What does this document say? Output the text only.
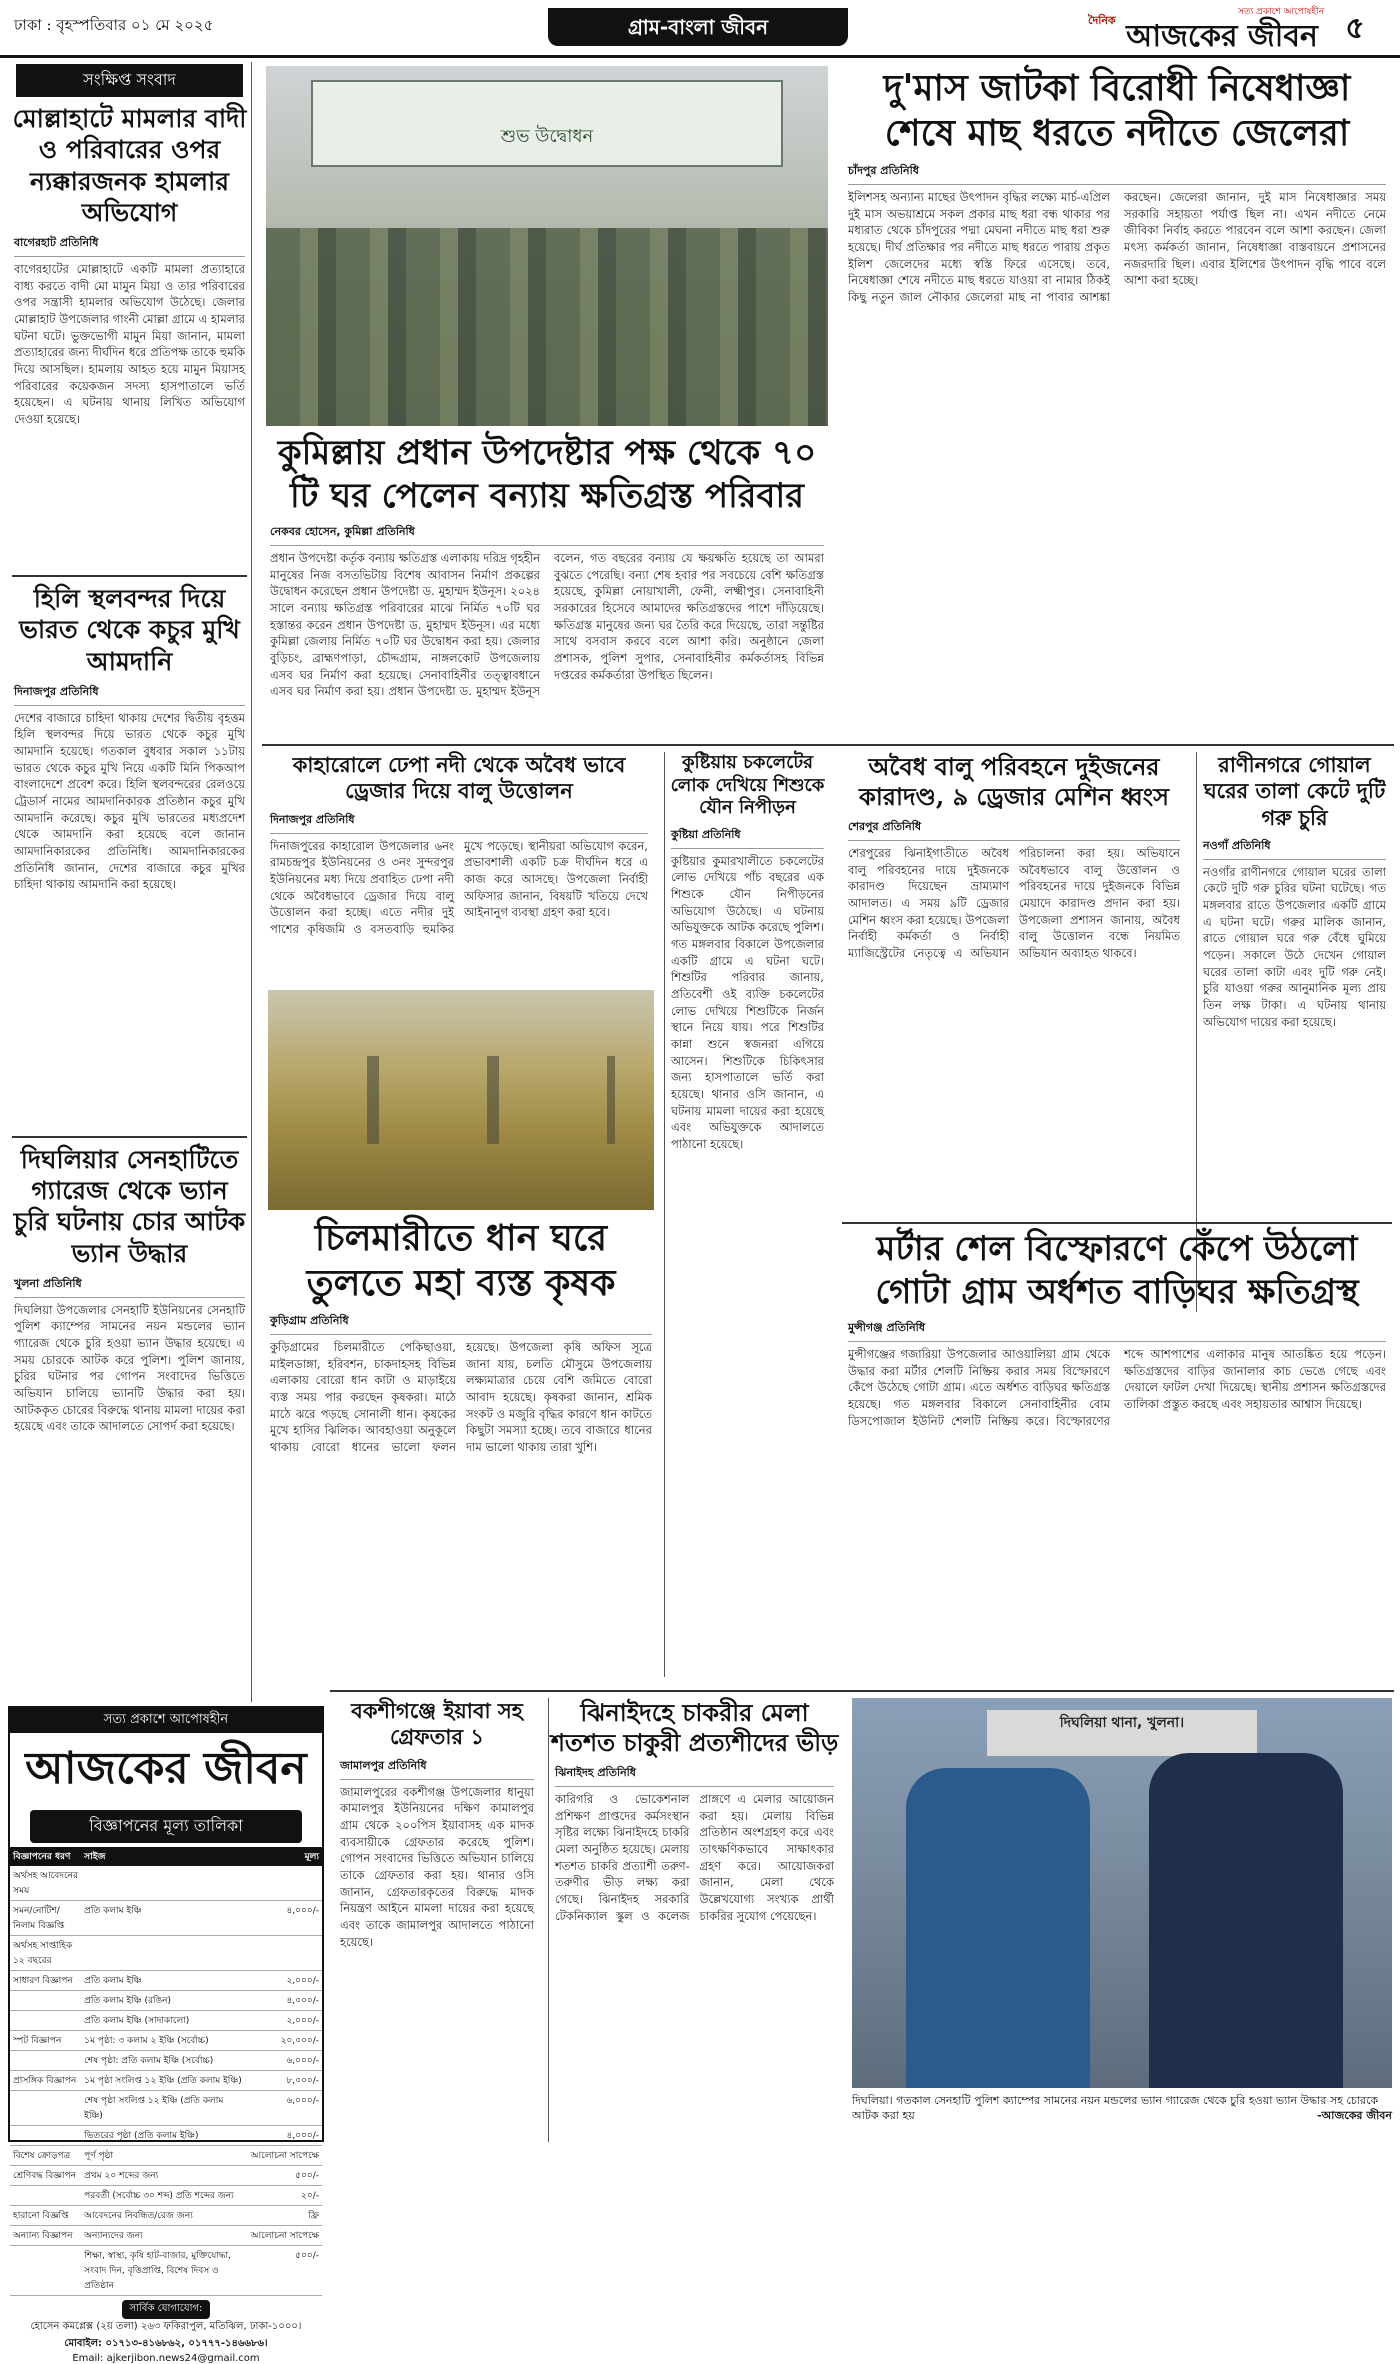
ঢাকা : বৃহস্পতিবার ০১ মে ২০২৫	গ্রাম-বাংলা জীবন
সত্য প্রকাশে আপোষহীন
$^{দৈনিক}$ আজকের জীবন ৫
সংক্ষিপ্ত সংবাদ
মোল্লাহাটে মামলার বাদী ও পরিবারের ওপর ন্যক্কারজনক হামলার অভিযোগ
বাগেরহাট প্রতিনিধি
বাগেরহাটের মোল্লাহাটে একটি মামলা প্রত্যাহারে বাধ্য করতে বাদী মো মামুন মিয়া ও তার পরিবারের ওপর সন্ত্রাসী হামলার অভিযোগ উঠেছে। জেলার মোল্লাহাট উপজেলার গাংনী মোল্লা গ্রামে এ হামলার ঘটনা ঘটে। ভুক্তভোগী মামুন মিয়া জানান, মামলা প্রত্যাহারের জন্য দীর্ঘদিন ধরে প্রতিপক্ষ তাকে হুমকি দিয়ে আসছিল। হামলায় আহত হয়ে মামুন মিয়াসহ পরিবারের কয়েকজন সদস্য হাসপাতালে ভর্তি হয়েছেন। এ ঘটনায় থানায় লিখিত অভিযোগ দেওয়া হয়েছে।
হিলি স্থলবন্দর দিয়ে ভারত থেকে কচুর মুখি আমদানি
দিনাজপুর প্রতিনিধি
দেশের বাজারে চাহিদা থাকায় দেশের দ্বিতীয় বৃহত্তম হিলি স্থলবন্দর দিয়ে ভারত থেকে কচুর মুখি আমদানি হয়েছে। গতকাল বুধবার সকাল ১১টায় ভারত থেকে কচুর মুখি নিয়ে একটি মিনি পিকআপ বাংলাদেশে প্রবেশ করে। হিলি স্থলবন্দরের রেলওয়ে ট্রেডার্স নামের আমদানিকারক প্রতিষ্ঠান কচুর মুখি আমদানি করেছে। কচুর মুখি ভারতের মধ্যপ্রদেশ থেকে আমদানি করা হয়েছে বলে জানান আমদানিকারকের প্রতিনিধি। আমদানিকারকের প্রতিনিধি জানান, দেশের বাজারে কচুর মুখির চাহিদা থাকায় আমদানি করা হয়েছে।
দিঘলিয়ার সেনহাটিতে গ্যারেজ থেকে ভ্যান চুরি ঘটনায় চোর আটক ভ্যান উদ্ধার
খুলনা প্রতিনিধি
দিঘলিয়া উপজেলার সেনহাটি ইউনিয়নের সেনহাটি পুলিশ ক্যাম্পের সামনের নয়ন মন্ডলের ভ্যান গ্যারেজ থেকে চুরি হওয়া ভ্যান উদ্ধার হয়েছে। এ সময় চোরকে আটক করে পুলিশ। পুলিশ জানায়, চুরির ঘটনার পর গোপন সংবাদের ভিত্তিতে অভিযান চালিয়ে ভ্যানটি উদ্ধার করা হয়। আটককৃত চোরের বিরুদ্ধে থানায় মামলা দায়ের করা হয়েছে এবং তাকে আদালতে সোপর্দ করা হয়েছে।
সত্য প্রকাশে আপোষহীন
আজকের জীবন
বিজ্ঞাপনের মূল্য তালিকা
বিজ্ঞাপনের ধরণ	সাইজ	মূল্য
অর্থসহ আবেদনের সময়		
সমন/নোটিশ/নিলাম বিজ্ঞপ্তি	প্রতি কলাম ইঞ্চি	৪,০০০/-
অর্থসহ সাপ্তাহিক ১২ বছরের		
সাধারণ বিজ্ঞাপন	প্রতি কলাম ইঞ্চি	২,০০০/-
	প্রতি কলাম ইঞ্চি (রঙিন)	৪,০০০/-
	প্রতি কলাম ইঞ্চি (সাদাকালো)	২,০০০/-
স্পট বিজ্ঞাপন	১ম পৃষ্ঠা: ৩ কলাম ২ ইঞ্চি (সর্বোচ্চ)	২০,০০০/-
	শেষ পৃষ্ঠা: প্রতি কলাম ইঞ্চি (সর্বোচ্চ)	৬,০০০/-
প্রাসঙ্গিক বিজ্ঞাপন	১ম পৃষ্ঠা সংলিপ্ত ১২ ইঞ্চি (প্রতি কলাম ইঞ্চি)	৮,০০০/-
	শেষ পৃষ্ঠা সংলিপ্ত ১২ ইঞ্চি (প্রতি কলাম ইঞ্চি)	৬,০০০/-
	ভিতরের পৃষ্ঠা (প্রতি কলাম ইঞ্চি)	৪,০০০/-
বিশেষ ক্রোড়পত্র	পূর্ণ পৃষ্ঠা	আলোচনা সাপেক্ষে
শ্রেণিবদ্ধ বিজ্ঞাপন	প্রথম ২০ শব্দের জন্য	৫০০/-
	পরবর্তী (সর্বোচ্চ ৩০ শব্দ) প্রতি শব্দের জন্য	২০/-
হারানো বিজ্ঞপ্তি	আবেদনের নিবন্ধিত/রেজ জন্য	ফ্রি
অন্যান্য বিজ্ঞাপন	অন্যান্যদের জন্য	আলোচনা সাপেক্ষে
	শিক্ষা, স্বাস্থ্য, কৃষি হাট-বাজার, মুক্তিযোদ্ধা, সংবাদ দিন, বৃত্তিপ্রাপ্তি, বিশেষ দিবস ও প্রতিষ্ঠান	৫০০/-
সার্বিক যোগাযোগ:
হোসেন কমপ্লেক্স (২য় তলা) ২৬৩ ফকিরাপুল, মতিঝিল, ঢাকা-১০০০।
মোবাইল: ০১৭১৩-৪১৬৮৬২, ০১৭৭৭-১৪৬৬৮৬।
Email: ajkerjibon.news24@gmail.com
শুভ উদ্বোধন
কুমিল্লায় প্রধান উপদেষ্টার পক্ষ থেকে ৭০ টি ঘর পেলেন বন্যায় ক্ষতিগ্রস্ত পরিবার
নেকবর হোসেন, কুমিল্লা প্রতিনিধি
প্রধান উপদেষ্টা কর্তৃক বন্যায় ক্ষতিগ্রস্ত এলাকায় দরিদ্র গৃহহীন মানুষের নিজ বসতভিটায় বিশেষ আবাসন নির্মাণ প্রকল্পের উদ্বোধন করেছেন প্রধান উপদেষ্টা ড. মুহাম্মদ ইউনূস। ২০২৪ সালে বন্যায় ক্ষতিগ্রস্ত পরিবারের মাঝে নির্মিত ৭০টি ঘর হস্তান্তর করেন প্রধান উপদেষ্টা ড. মুহাম্মদ ইউনূস। এর মধ্যে কুমিল্লা জেলায় নির্মিত ৭০টি ঘর উদ্বোধন করা হয়। জেলার বুড়িচং, ব্রাহ্মণপাড়া, চৌদ্দগ্রাম, নাঙ্গলকোট উপজেলায় এসব ঘর নির্মাণ করা হয়েছে। সেনাবাহিনীর তত্ত্বাবধানে এসব ঘর নির্মাণ করা হয়। প্রধান উপদেষ্টা ড. মুহাম্মদ ইউনূস বলেন, গত বছরের বন্যায় যে ক্ষয়ক্ষতি হয়েছে তা আমরা বুঝতে পেরেছি। বন্যা শেষ হবার পর সবচেয়ে বেশি ক্ষতিগ্রস্ত হয়েছে, কুমিল্লা নোয়াখালী, ফেনী, লক্ষ্মীপুর। সেনাবাহিনী সরকারের হিসেবে আমাদের ক্ষতিগ্রস্তদের পাশে দাঁড়িয়েছে। ক্ষতিগ্রস্ত মানুষের জন্য ঘর তৈরি করে দিয়েছে, তারা সন্তুষ্টির সাথে বসবাস করবে বলে আশা করি। অনুষ্ঠানে জেলা প্রশাসক, পুলিশ সুপার, সেনাবাহিনীর কর্মকর্তাসহ বিভিন্ন দপ্তরের কর্মকর্তারা উপস্থিত ছিলেন।
দু'মাস জাটকা বিরোধী নিষেধাজ্ঞা শেষে মাছ ধরতে নদীতে জেলেরা
চাঁদপুর প্রতিনিধি
ইলিশসহ অন্যান্য মাছের উৎপাদন বৃদ্ধির লক্ষ্যে মার্চ-এপ্রিল দুই মাস অভয়াশ্রমে সকল প্রকার মাছ ধরা বন্ধ থাকার পর মধ্যরাত থেকে চাঁদপুরের পদ্মা মেঘনা নদীতে মাছ ধরা শুরু হয়েছে। দীর্ঘ প্রতিক্ষার পর নদীতে মাছ ধরতে পারায় প্রকৃত ইলিশ জেলেদের মধ্যে স্বস্তি ফিরে এসেছে। তবে, নিষেধাজ্ঞা শেষে নদীতে মাছ ধরতে যাওয়া বা নামার ঠিকই কিছু নতুন জাল নৌকার জেলেরা মাছ না পাবার আশঙ্কা করছেন। জেলেরা জানান, দুই মাস নিষেধাজ্ঞার সময় সরকারি সহায়তা পর্যাপ্ত ছিল না। এখন নদীতে নেমে জীবিকা নির্বাহ করতে পারবেন বলে আশা করছেন। জেলা মৎস্য কর্মকর্তা জানান, নিষেধাজ্ঞা বাস্তবায়নে প্রশাসনের নজরদারি ছিল। এবার ইলিশের উৎপাদন বৃদ্ধি পাবে বলে আশা করা হচ্ছে।
কাহারোলে ঢেপা নদী থেকে অবৈধ ভাবে ড্রেজার দিয়ে বালু উত্তোলন
দিনাজপুর প্রতিনিধি
দিনাজপুরের কাহারোল উপজেলার ৬নং রামচন্দ্রপুর ইউনিয়নের ও ৩নং সুন্দরপুর ইউনিয়নের মধ্য দিয়ে প্রবাহিত ঢেপা নদী থেকে অবৈধভাবে ড্রেজার দিয়ে বালু উত্তোলন করা হচ্ছে। এতে নদীর দুই পাশের কৃষিজমি ও বসতবাড়ি হুমকির মুখে পড়েছে। স্থানীয়রা অভিযোগ করেন, প্রভাবশালী একটি চক্র দীর্ঘদিন ধরে এ কাজ করে আসছে। উপজেলা নির্বাহী অফিসার জানান, বিষয়টি খতিয়ে দেখে আইনানুগ ব্যবস্থা গ্রহণ করা হবে।
কুষ্টিয়ায় চকলেটের লোক দেখিয়ে শিশুকে যৌন নিপীড়ন
কুষ্টিয়া প্রতিনিধি
কুষ্টিয়ার কুমারখালীতে চকলেটের লোভ দেখিয়ে পাঁচ বছরের এক শিশুকে যৌন নিপীড়নের অভিযোগ উঠেছে। এ ঘটনায় অভিযুক্তকে আটক করেছে পুলিশ। গত মঙ্গলবার বিকালে উপজেলার একটি গ্রামে এ ঘটনা ঘটে। শিশুটির পরিবার জানায়, প্রতিবেশী ওই ব্যক্তি চকলেটের লোভ দেখিয়ে শিশুটিকে নির্জন স্থানে নিয়ে যায়। পরে শিশুটির কান্না শুনে স্বজনরা এগিয়ে আসেন। শিশুটিকে চিকিৎসার জন্য হাসপাতালে ভর্তি করা হয়েছে। থানার ওসি জানান, এ ঘটনায় মামলা দায়ের করা হয়েছে এবং অভিযুক্তকে আদালতে পাঠানো হয়েছে।
অবৈধ বালু পরিবহনে দুইজনের কারাদণ্ড, ৯ ড্রেজার মেশিন ধ্বংস
শেরপুর প্রতিনিধি
শেরপুরের ঝিনাইগাতীতে অবৈধ বালু পরিবহনের দায়ে দুইজনকে কারাদণ্ড দিয়েছেন ভ্রাম্যমাণ আদালত। এ সময় ৯টি ড্রেজার মেশিন ধ্বংস করা হয়েছে। উপজেলা নির্বাহী কর্মকর্তা ও নির্বাহী ম্যাজিস্ট্রেটের নেতৃত্বে এ অভিযান পরিচালনা করা হয়। অভিযানে অবৈধভাবে বালু উত্তোলন ও পরিবহনের দায়ে দুইজনকে বিভিন্ন মেয়াদে কারাদণ্ড প্রদান করা হয়। উপজেলা প্রশাসন জানায়, অবৈধ বালু উত্তোলন বন্ধে নিয়মিত অভিযান অব্যাহত থাকবে।
রাণীনগরে গোয়াল ঘরের তালা কেটে দুটি গরু চুরি
নওগাঁ প্রতিনিধি
নওগাঁর রাণীনগরে গোয়াল ঘরের তালা কেটে দুটি গরু চুরির ঘটনা ঘটেছে। গত মঙ্গলবার রাতে উপজেলার একটি গ্রামে এ ঘটনা ঘটে। গরুর মালিক জানান, রাতে গোয়াল ঘরে গরু বেঁধে ঘুমিয়ে পড়েন। সকালে উঠে দেখেন গোয়াল ঘরের তালা কাটা এবং দুটি গরু নেই। চুরি যাওয়া গরুর আনুমানিক মূল্য প্রায় তিন লক্ষ টাকা। এ ঘটনায় থানায় অভিযোগ দায়ের করা হয়েছে।
চিলমারীতে ধান ঘরে তুলতে মহা ব্যস্ত কৃষক
কুড়িগ্রাম প্রতিনিধি
কুড়িগ্রামের চিলমারীতে পেকিছাওয়া, মাইলডাঙ্গা, হরিবশন, চাকদাহসহ বিভিন্ন এলাকায় বোরো ধান কাটা ও মাড়াইয়ে ব্যস্ত সময় পার করছেন কৃষকরা। মাঠে মাঠে ঝরে পড়ছে সোনালী ধান। কৃষকের মুখে হাসির ঝিলিক। আবহাওয়া অনুকূলে থাকায় বোরো ধানের ভালো ফলন হয়েছে। উপজেলা কৃষি অফিস সূত্রে জানা যায়, চলতি মৌসুমে উপজেলায় লক্ষ্যমাত্রার চেয়ে বেশি জমিতে বোরো আবাদ হয়েছে। কৃষকরা জানান, শ্রমিক সংকট ও মজুরি বৃদ্ধির কারণে ধান কাটতে কিছুটা সমস্যা হচ্ছে। তবে বাজারে ধানের দাম ভালো থাকায় তারা খুশি।
মর্টার শেল বিস্ফোরণে কেঁপে উঠলো গোটা গ্রাম অর্ধশত বাড়িঘর ক্ষতিগ্রস্থ
মুন্সীগঞ্জ প্রতিনিধি
মুন্সীগঞ্জের গজারিয়া উপজেলার আওয়ালিয়া গ্রাম থেকে উদ্ধার করা মর্টার শেলটি নিষ্ক্রিয় করার সময় বিস্ফোরণে কেঁপে উঠেছে গোটা গ্রাম। এতে অর্ধশত বাড়িঘর ক্ষতিগ্রস্ত হয়েছে। গত মঙ্গলবার বিকালে সেনাবাহিনীর বোম ডিসপোজাল ইউনিট শেলটি নিষ্ক্রিয় করে। বিস্ফোরণের শব্দে আশপাশের এলাকার মানুষ আতঙ্কিত হয়ে পড়েন। ক্ষতিগ্রস্তদের বাড়ির জানালার কাচ ভেঙে গেছে এবং দেয়ালে ফাটল দেখা দিয়েছে। স্থানীয় প্রশাসন ক্ষতিগ্রস্তদের তালিকা প্রস্তুত করছে এবং সহায়তার আশ্বাস দিয়েছে।
বকশীগঞ্জে ইয়াবা সহ গ্রেফতার ১
জামালপুর প্রতিনিধি
জামালপুরের বকশীগঞ্জ উপজেলার ধানুয়া কামালপুর ইউনিয়নের দক্ষিণ কামালপুর গ্রাম থেকে ২০০পিস ইয়াবাসহ এক মাদক ব্যবসায়ীকে গ্রেফতার করেছে পুলিশ। গোপন সংবাদের ভিত্তিতে অভিযান চালিয়ে তাকে গ্রেফতার করা হয়। থানার ওসি জানান, গ্রেফতারকৃতের বিরুদ্ধে মাদক নিয়ন্ত্রণ আইনে মামলা দায়ের করা হয়েছে এবং তাকে জামালপুর আদালতে পাঠানো হয়েছে।
ঝিনাইদহে চাকরীর মেলা শতশত চাকুরী প্রত্যশীদের ভীড়
ঝিনাইদহ প্রতিনিধি
কারিগরি ও ভোকেশনাল প্রশিক্ষণ প্রাপ্তদের কর্মসংস্থান সৃষ্টির লক্ষ্যে ঝিনাইদহে চাকরি মেলা অনুষ্ঠিত হয়েছে। মেলায় শতশত চাকরি প্রত্যাশী তরুণ-তরুণীর ভীড় লক্ষ্য করা গেছে। ঝিনাইদহ সরকারি টেকনিক্যাল স্কুল ও কলেজ প্রাঙ্গণে এ মেলার আয়োজন করা হয়। মেলায় বিভিন্ন প্রতিষ্ঠান অংশগ্রহণ করে এবং তাৎক্ষণিকভাবে সাক্ষাৎকার গ্রহণ করে। আয়োজকরা জানান, মেলা থেকে উল্লেখযোগ্য সংখ্যক প্রার্থী চাকরির সুযোগ পেয়েছেন।
দিঘলিয়া থানা, খুলনা।
দিঘলিয়া। গতকাল সেনহাটি পুলিশ ক্যাম্পের সামনের নয়ন মন্ডলের ভ্যান গ্যারেজ থেকে চুরি হওয়া ভ্যান উদ্ধার সহ চোরকে আটক করা হয়	-আজকের জীবন
